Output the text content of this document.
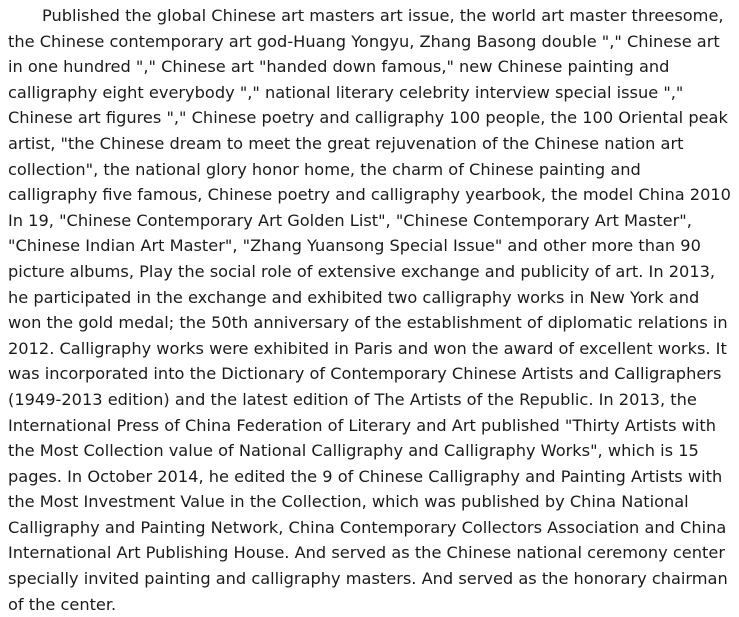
Published the global Chinese art masters art issue, the world art master threesome, the Chinese contemporary art god-Huang Yongyu, Zhang Basong double "," Chinese art in one hundred "," Chinese art "handed down famous," new Chinese painting and calligraphy eight everybody "," national literary celebrity interview special issue "," Chinese art figures "," Chinese poetry and calligraphy 100 people, the 100 Oriental peak artist, "the Chinese dream to meet the great rejuvenation of the Chinese nation art collection", the national glory honor home, the charm of Chinese painting and calligraphy five famous, Chinese poetry and calligraphy yearbook, the model China 2010 In 19, "Chinese Contemporary Art Golden List", "Chinese Contemporary Art Master", "Chinese Indian Art Master", "Zhang Yuansong Special Issue" and other more than 90 picture albums, Play the social role of extensive exchange and publicity of art. In 2013, he participated in the exchange and exhibited two calligraphy works in New York and won the gold medal; the 50th anniversary of the establishment of diplomatic relations in 2012. Calligraphy works were exhibited in Paris and won the award of excellent works. It was incorporated into the Dictionary of Contemporary Chinese Artists and Calligraphers (1949-2013 edition) and the latest edition of The Artists of the Republic. In 2013, the International Press of China Federation of Literary and Art published "Thirty Artists with the Most Collection value of National Calligraphy and Calligraphy Works", which is 15 pages. In October 2014, he edited the 9 of Chinese Calligraphy and Painting Artists with the Most Investment Value in the Collection, which was published by China National Calligraphy and Painting Network, China Contemporary Collectors Association and China International Art Publishing House. And served as the Chinese national ceremony center specially invited painting and calligraphy masters. And served as the honorary chairman of the center.
